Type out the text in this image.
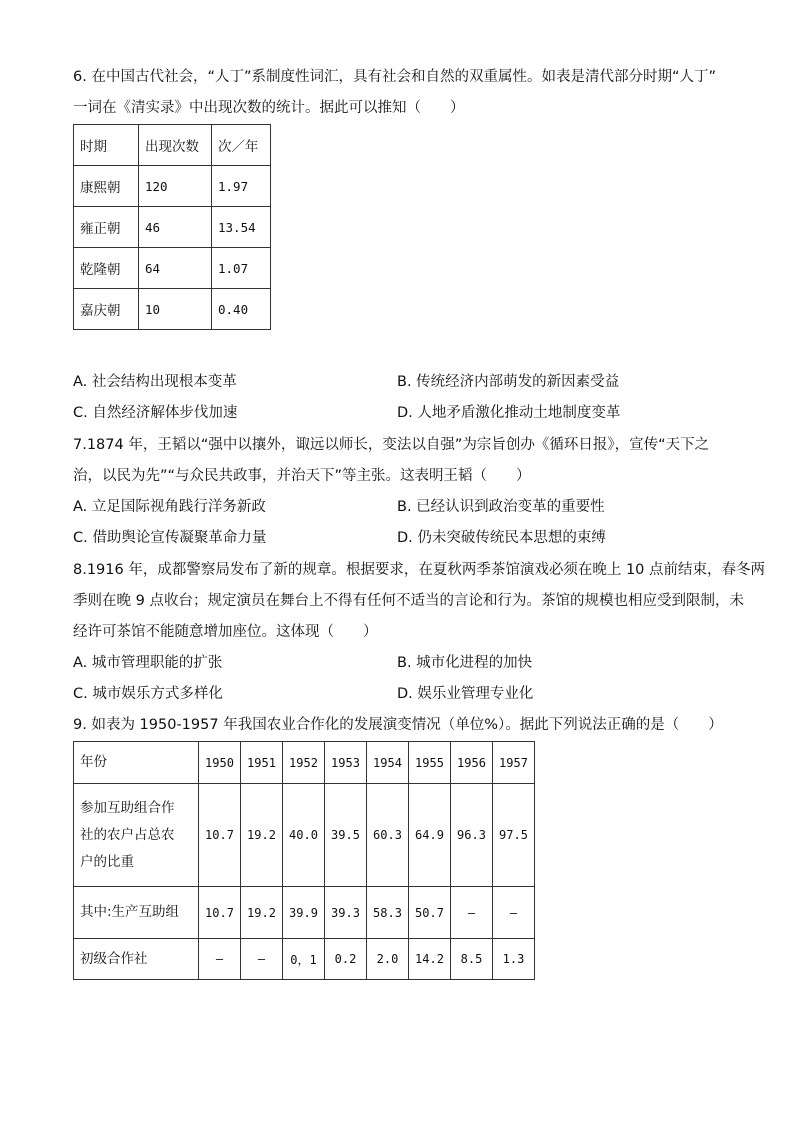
6. 在中国古代社会，“人丁”系制度性词汇，具有社会和自然的双重属性。如表是清代部分时期“人丁”
一词在《清实录》中出现次数的统计。据此可以推知（　　）
时期	出现次数	次／年
康熙朝	120	1.97
雍正朝	46	13.54
乾隆朝	64	1.07
嘉庆朝	10	0.40
A. 社会结构出现根本变革	B. 传统经济内部萌发的新因素受益
C. 自然经济解体步伐加速	D. 人地矛盾激化推动土地制度变革
7.1874 年，王韬以“强中以攘外，诹远以师长，变法以自强”为宗旨创办《循环日报》，宣传“天下之
治，以民为先”“与众民共政事，并治天下”等主张。这表明王韬（　　）
A. 立足国际视角践行洋务新政	B. 已经认识到政治变革的重要性
C. 借助舆论宣传凝聚革命力量	D. 仍未突破传统民本思想的束缚
8.1916 年，成都警察局发布了新的规章。根据要求，在夏秋两季茶馆演戏必须在晚上 10 点前结束，春冬两
季则在晚 9 点收台；规定演员在舞台上不得有任何不适当的言论和行为。茶馆的规模也相应受到限制，未
经许可茶馆不能随意增加座位。这体现（　　）
A. 城市管理职能的扩张	B. 城市化进程的加快
C. 城市娱乐方式多样化	D. 娱乐业管理专业化
9. 如表为 1950-1957 年我国农业合作化的发展演变情况（单位%）。据此下列说法正确的是（　　）
年份	1950	1951	1952	1953	1954	1955	1956	1957

参加互助组合作
社的农户占总农
户的比重	10.7	19.2	40.0	39.5	60.3	64.9	96.3	97.5

其中:生产互助组	10.7	19.2	39.9	39.3	58.3	50.7	—	—

初级合作社	—	—	0，1	0.2	2.0	14.2	8.5	1.3
